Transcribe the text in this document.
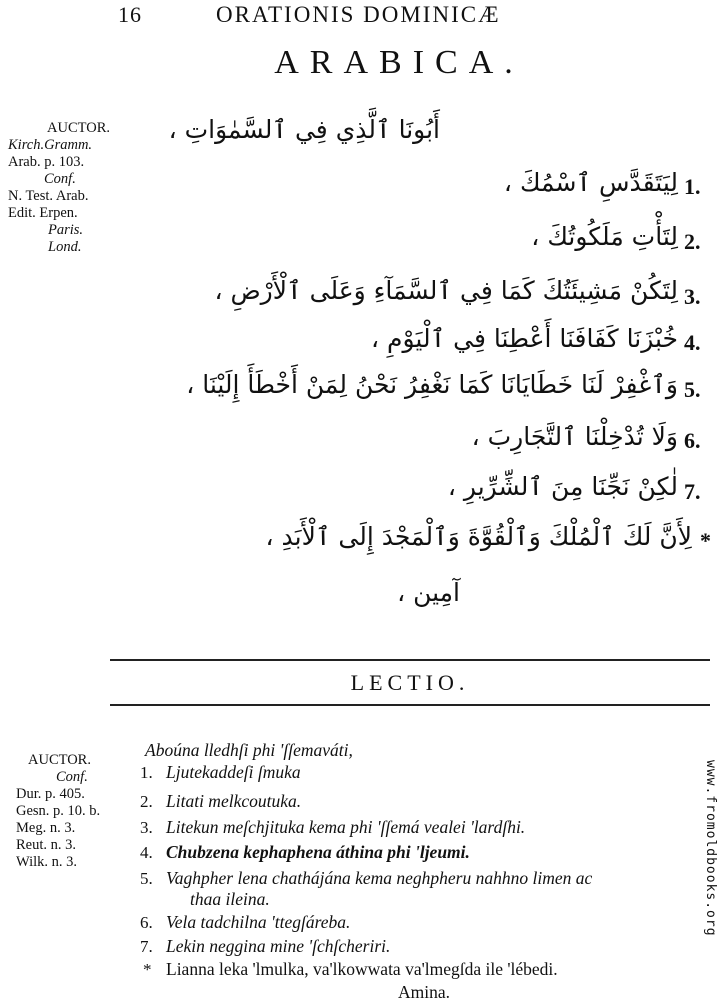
16	ORATIONIS DOMINICÆ
ARABICA.
AUCTOR.
Kirch.Gramm.
Arab. p. 103.
Conf.
N. Test. Arab.
Edit. Erpen.
Paris.
Lond.
أَبُونَا ٱلَّذِي فِي ٱلسَّمٰوَاتِ ،
1.
لِيَتَقَدَّسِ ٱسْمُكَ ،
2.
لِتَأْتِ مَلَكُوتُكَ ،
3.
لِتَكُنْ مَشِيئَتُكَ كَمَا فِي ٱلسَّمَآءِ وَعَلَى ٱلْأَرْضِ ،
4.
خُبْزَنَا كَفَافَنَا أَعْطِنَا فِي ٱلْيَوْمِ ،
5.
وَٱغْفِرْ لَنَا خَطَايَانَا كَمَا نَغْفِرُ نَحْنُ لِمَنْ أَخْطَأَ إِلَيْنَا ،
6.
وَلَا تُدْخِلْنَا ٱلتَّجَارِبَ ،
7.
لٰكِنْ نَجِّنَا مِنَ ٱلشِّرِّيرِ ،
*
لِأَنَّ لَكَ ٱلْمُلْكَ وَٱلْقُوَّةَ وَٱلْمَجْدَ إِلَى ٱلْأَبَدِ ،
آمِين ،
LECTIO.
AUCTOR.
Conf.
Dur. p. 405.
Gesn. p. 10. b.
Meg. n. 3.
Reut. n. 3.
Wilk. n. 3.
Aboúna lledhſi phi 'ſſemaváti,
1. Ljutekaddeſi ſmuka
2. Litati melkcoutuka.
3. Litekun meſchjituka kema phi 'ſſemá vealei 'lardſhi.
4. Chubzena kephaphena áthina phi 'ljeumi.
5. Vaghpher lena chathájána kema neghpheru nahhno limen ac
thaa ileina.
6. Vela tadchilna 'ttegſáreba.
7. Lekin neggina mine 'ſchſcheriri.
* Lianna leka 'lmulka, va'lkowwata va'lmegſda ile 'lébedi.
Amina.
www.fromoldbooks.org
